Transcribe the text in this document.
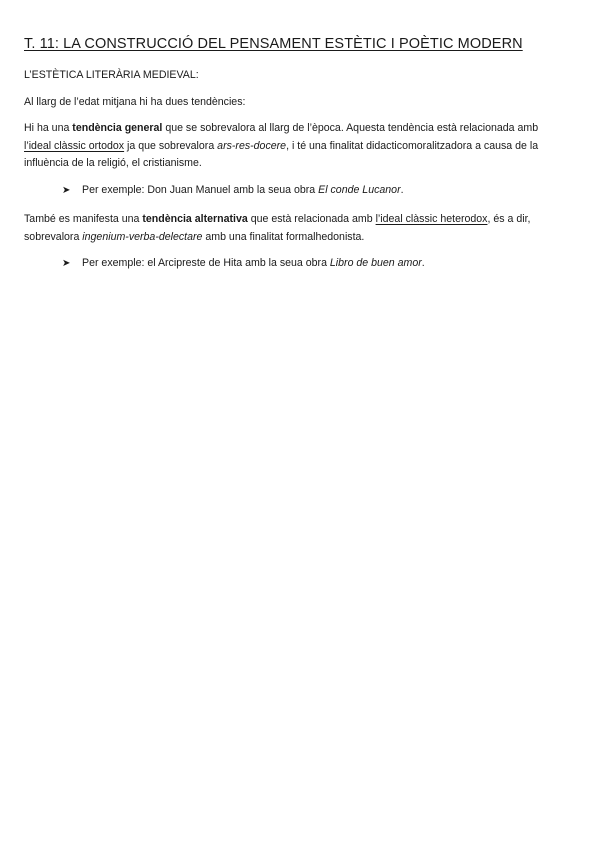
T. 11: LA CONSTRUCCIÓ DEL PENSAMENT ESTÈTIC I POÈTIC MODERN

L’ESTÈTICA LITERÀRIA MEDIEVAL:

Al llarg de l’edat mitjana hi ha dues tendències:

Hi ha una tendència general que se sobrevalora al llarg de l’època. Aquesta tendència està relacionada amb l’ideal clàssic ortodox ja que sobrevalora ars-res-docere, i té una finalitat didacticomoralitzadora a causa de la influència de la religió, el cristianisme.

➤ Per exemple: Don Juan Manuel amb la seua obra El conde Lucanor.

També es manifesta una tendència alternativa que està relacionada amb l’ideal clàssic heterodox, és a dir, sobrevalora ingenium-verba-delectare amb una finalitat formalhedonista.

➤ Per exemple: el Arcipreste de Hita amb la seua obra Libro de buen amor.
